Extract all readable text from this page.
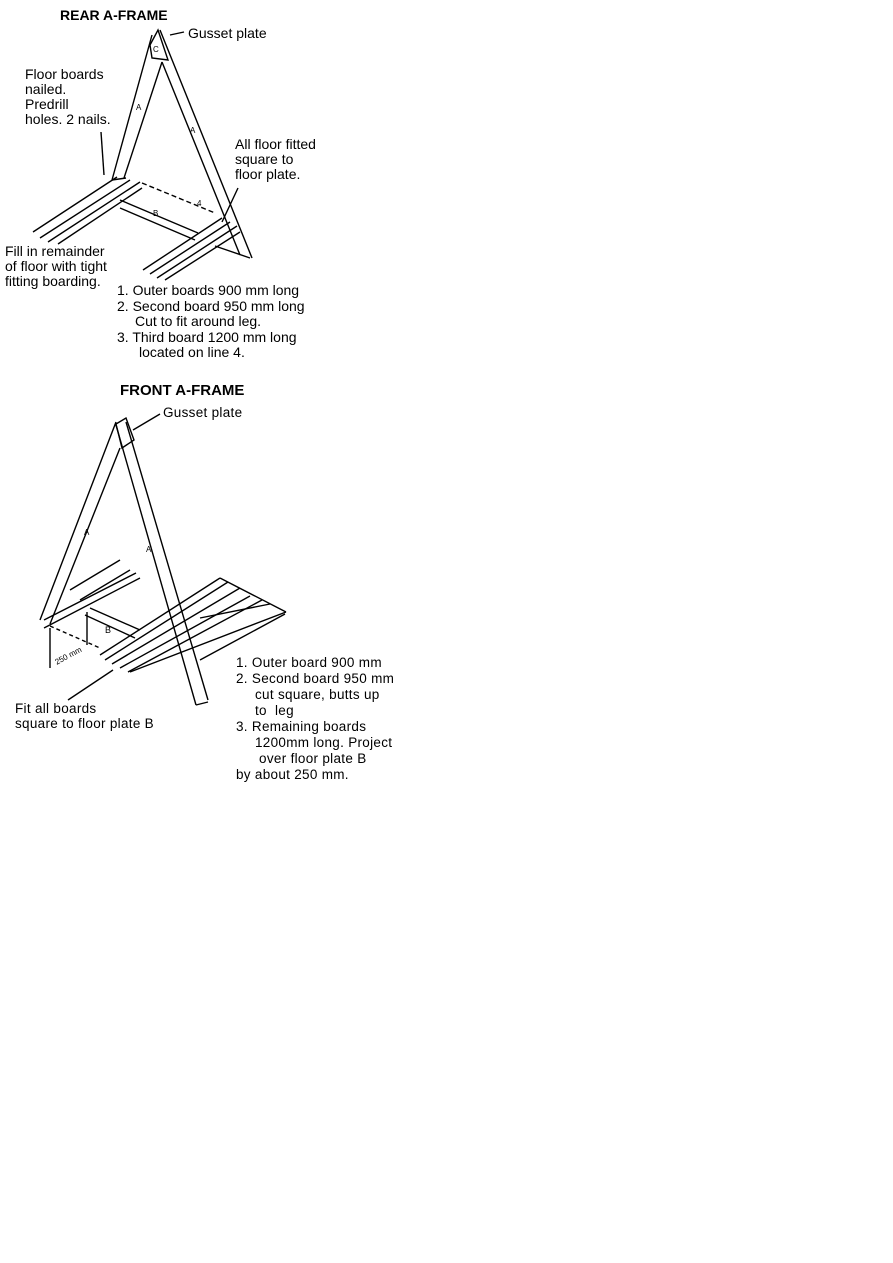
C
A
A
B
4
REAR A-FRAME
Gusset plate
Floor boards
nailed.
Predrill
holes. 2 nails.
All floor fitted
square to
floor plate.
Fill in remainder
of floor with tight
fitting boarding.
1. Outer boards 900 mm long
2. Second board 950 mm long
Cut to fit around leg.
3. Third board 1200 mm long
located on line 4.
A
A
B
250 mm
FRONT A-FRAME
Gusset plate
Fit all boards
square to floor plate B
1. Outer board 900 mm
2. Second board 950 mm
cut square, butts up
to  leg
3. Remaining boards
1200mm long. Project
over floor plate B
by about 250 mm.
